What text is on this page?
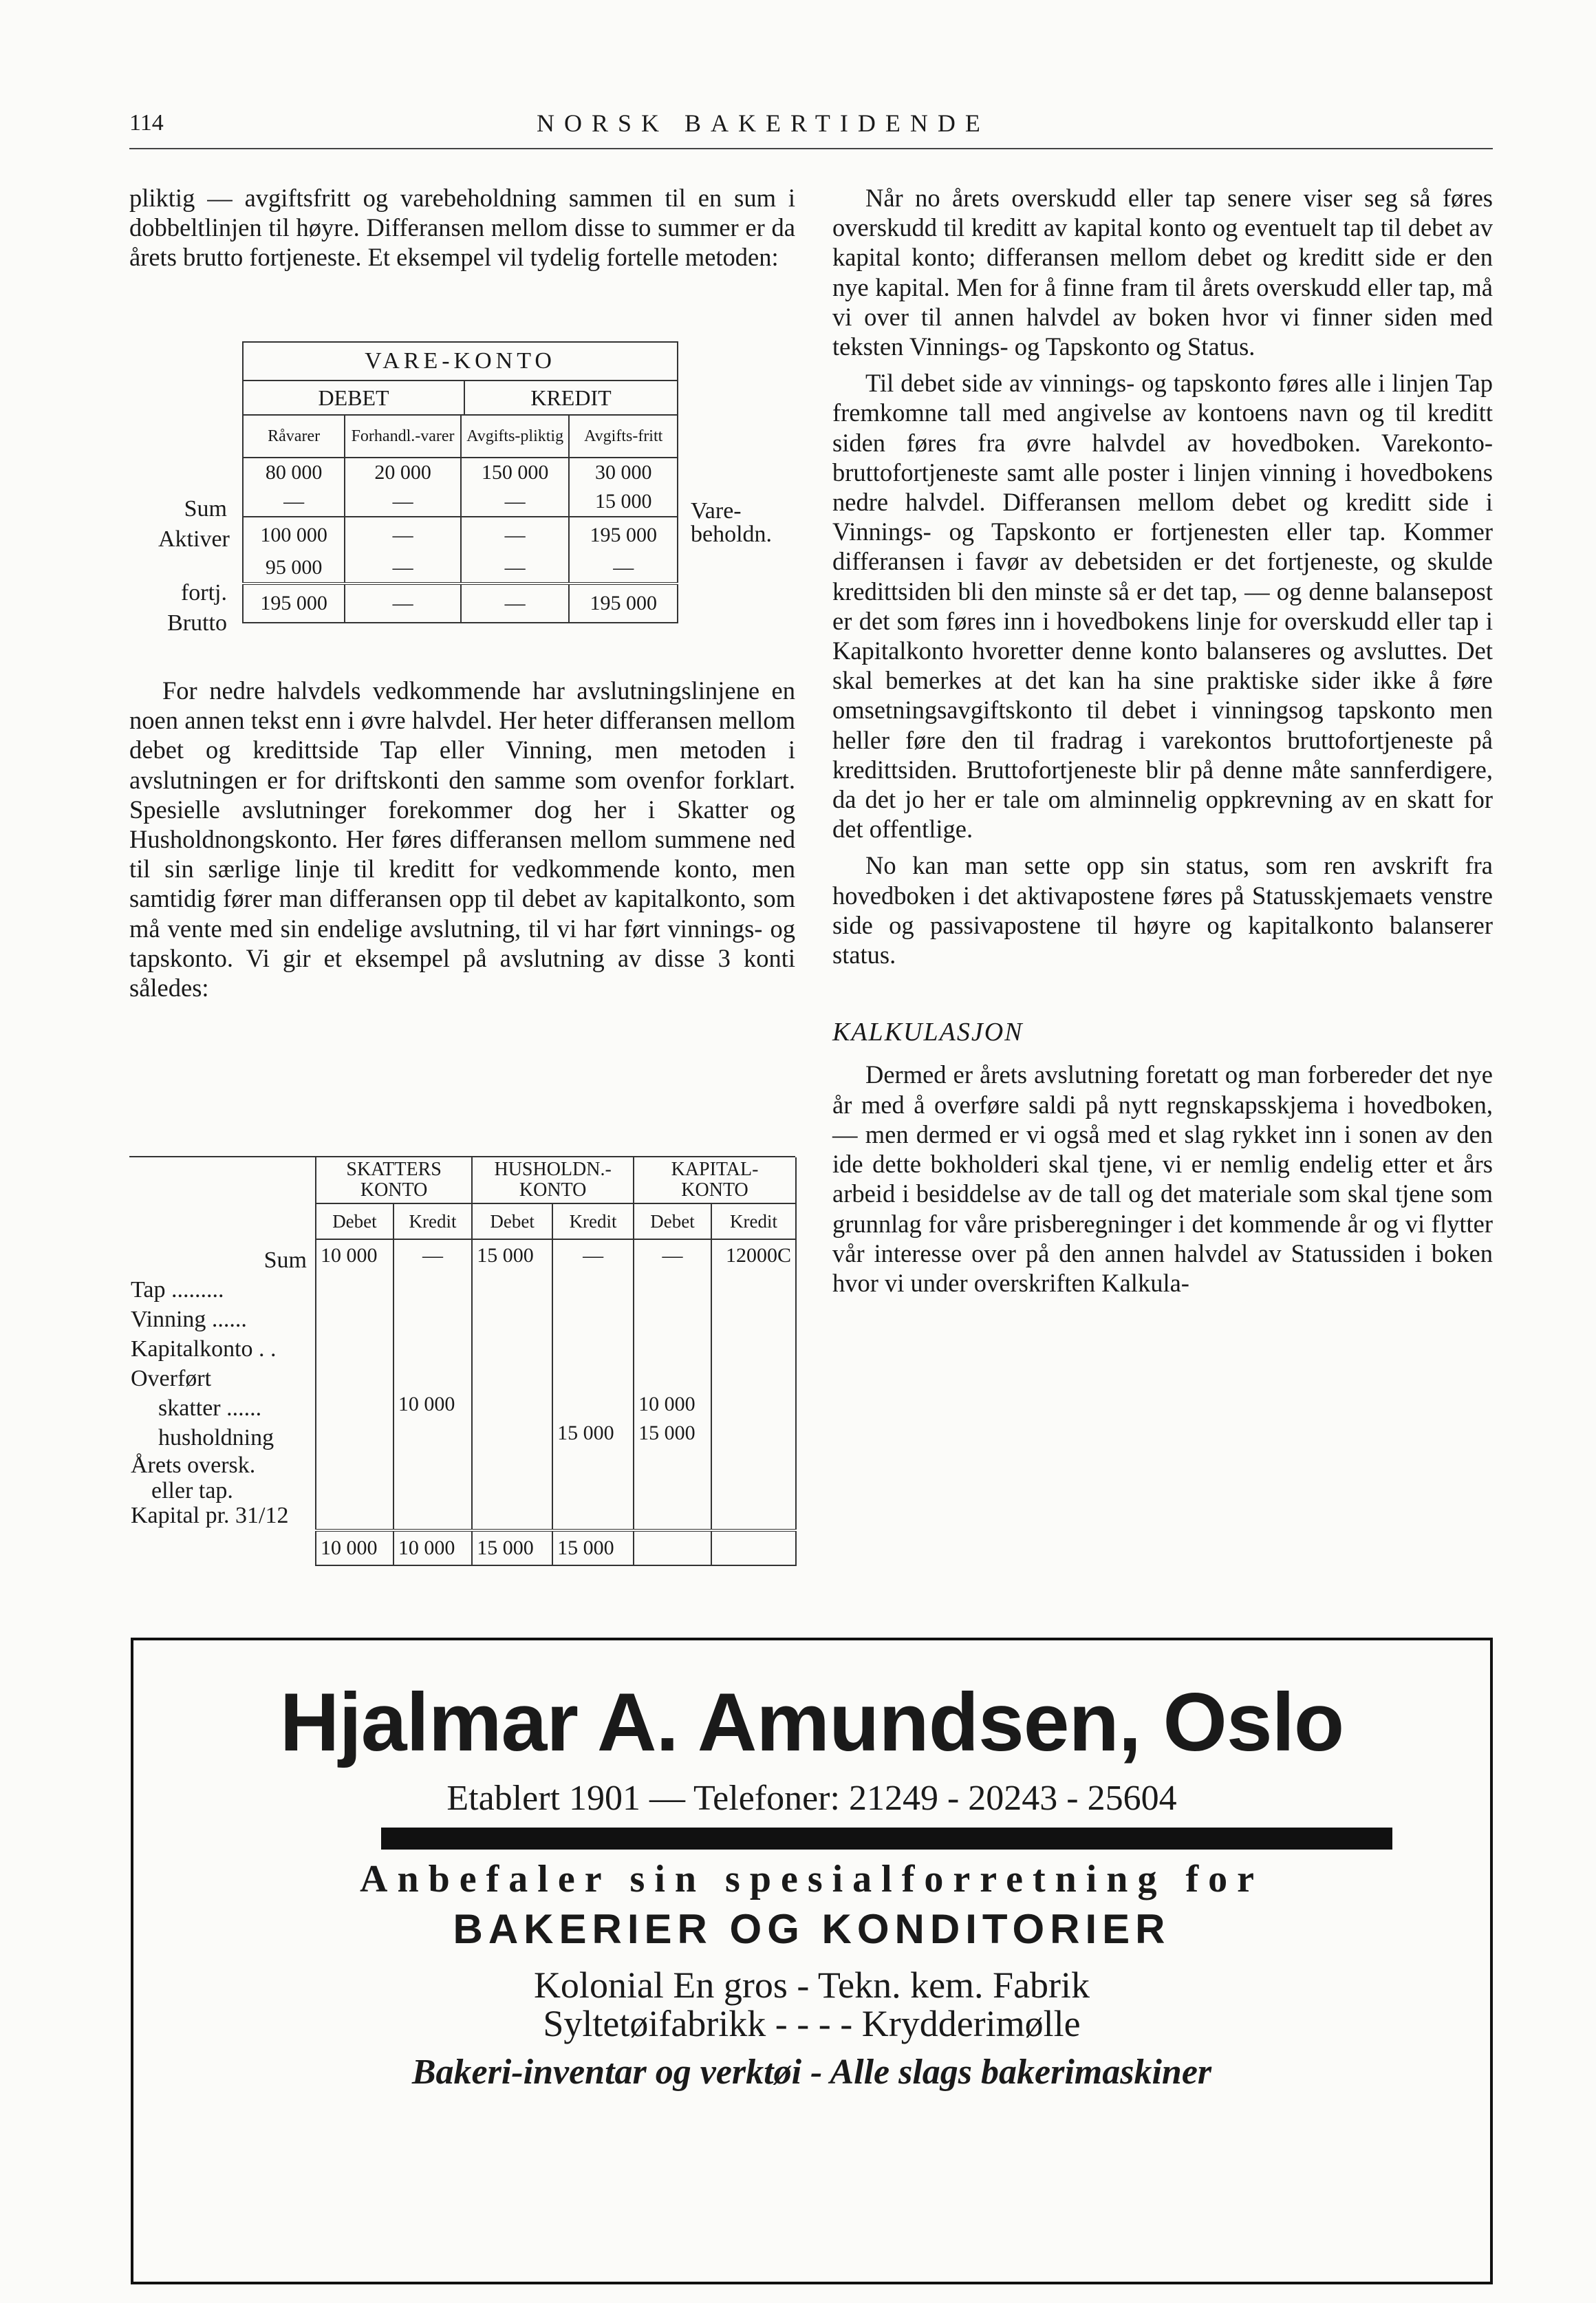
114	NORSK BAKERTIDENDE

pliktig — avgiftsfritt og varebeholdning sammen til en sum i dobbeltlinjen til høyre. Differansen mellom disse to summer er da årets brutto fortjeneste. Et eksempel vil tydelig fortelle metoden:

Sum
Aktiver
fortj.
Brutto
VARE-KONTO
DEBET	KREDIT
Råvarer	Forhandl.-varer	Avgifts-pliktig	Avgifts-fritt
80 000	20 000	150 000	30 000
—	—	—	15 000
100 000	—	—	195 000
95 000	—	—	—
195 000	—	—	195 000
Vare-
beholdn.

For nedre halvdels vedkommende har avslutningslinjene en noen annen tekst enn i øvre halvdel. Her heter differansen mellom debet og kredittside Tap eller Vinning, men metoden i avslutningen er for driftskonti den samme som ovenfor forklart. Spesielle avslutninger forekommer dog her i Skatter og Husholdnongskonto. Her føres differansen mellom summene ned til sin særlige linje til kreditt for vedkommende konto, men samtidig fører man differansen opp til debet av kapitalkonto, som må vente med sin endelige avslutning, til vi har ført vinnings- og tapskonto. Vi gir et eksempel på avslutning av disse 3 konti således:

Sum
Tap .........
Vinning ......
Kapitalkonto . .
Overført
skatter ......
husholdning
Årets oversk.
eller tap.
Kapital pr. 31/12
SKATTERS KONTO		HUSHOLDN.-KONTO		KAPITAL-KONTO	
Debet	Kredit	Debet	Kredit	Debet	Kredit
10 000	—	15 000	—	—	12000C

	10 000			10 000	
			15 000	15 000	

10 000	10 000	15 000	15 000		

Når no årets overskudd eller tap senere viser seg så føres overskudd til kreditt av kapital konto og eventuelt tap til debet av kapital konto; differansen mellom debet og kreditt side er den nye kapital. Men for å finne fram til årets overskudd eller tap, må vi over til annen halvdel av boken hvor vi finner siden med teksten Vinnings- og Tapskonto og Status.

Til debet side av vinnings- og tapskonto føres alle i linjen Tap fremkomne tall med angivelse av kontoens navn og til kreditt siden føres fra øvre halvdel av hovedboken. Varekonto-bruttofortjeneste samt alle poster i linjen vinning i hovedbokens nedre halvdel. Differansen mellom debet og kreditt side i Vinnings- og Tapskonto er fortjenesten eller tap. Kommer differansen i favør av debetsiden er det fortjeneste, og skulde kredittsiden bli den minste så er det tap, — og denne balansepost er det som føres inn i hovedbokens linje for overskudd eller tap i Kapitalkonto hvoretter denne konto balanseres og avsluttes. Det skal bemerkes at det kan ha sine praktiske sider ikke å føre omsetningsavgiftskonto til debet i vinningsog tapskonto men heller føre den til fradrag i varekontos bruttofortjeneste på kredittsiden. Bruttofortjeneste blir på denne måte sannferdigere, da det jo her er tale om alminnelig oppkrevning av en skatt for det offentlige.

No kan man sette opp sin status, som ren avskrift fra hovedboken i det aktivapostene føres på Statusskjemaets venstre side og passivapostene til høyre og kapitalkonto balanserer status.

KALKULASJON

Dermed er årets avslutning foretatt og man forbereder det nye år med å overføre saldi på nytt regnskapsskjema i hovedboken, — men dermed er vi også med et slag rykket inn i sonen av den ide dette bokholderi skal tjene, vi er nemlig endelig etter et års arbeid i besiddelse av de tall og det materiale som skal tjene som grunnlag for våre prisberegninger i det kommende år og vi flytter vår interesse over på den annen halvdel av Statussiden i boken hvor vi under overskriften Kalkula-

Hjalmar A. Amundsen, Oslo
Etablert 1901 — Telefoner: 21249 - 20243 - 25604
Anbefaler sin spesialforretning for
BAKERIER OG KONDITORIER
Kolonial En gros - Tekn. kem. Fabrik
Syltetøifabrikk - - - - Krydderimølle
Bakeri-inventar og verktøi - Alle slags bakerimaskiner
